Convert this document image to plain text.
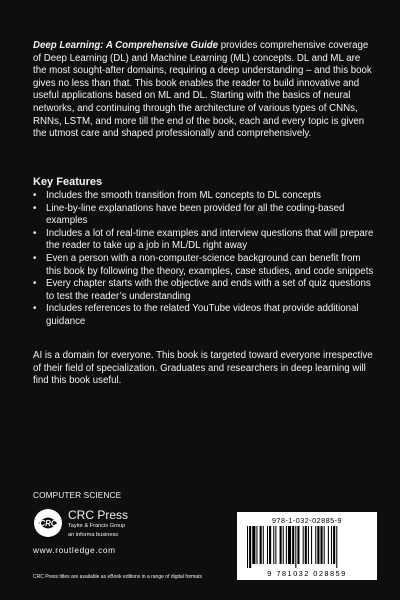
Deep Learning: A Comprehensive Guide provides comprehensive coverage of Deep Learning (DL) and Machine Learning (ML) concepts. DL and ML are the most sought-after domains, requiring a deep understanding – and this book gives no less than that. This book enables the reader to build innovative and useful applications based on ML and DL. Starting with the basics of neural networks, and continuing through the architecture of various types of CNNs, RNNs, LSTM, and more till the end of the book, each and every topic is given the utmost care and shaped professionally and comprehensively.

Key Features
• Includes the smooth transition from ML concepts to DL concepts
• Line-by-line explanations have been provided for all the coding-based examples
• Includes a lot of real-time examples and interview questions that will prepare the reader to take up a job in ML/DL right away
• Even a person with a non-computer-science background can benefit from this book by following the theory, examples, case studies, and code snippets
• Every chapter starts with the objective and ends with a set of quiz questions to test the reader’s understanding
• Includes references to the related YouTube videos that provide additional guidance

AI is a domain for everyone. This book is targeted toward everyone irrespective of their field of specialization. Graduates and researchers in deep learning will find this book useful.

COMPUTER SCIENCE
CRC
CRC Press
Taylor & Francis Group
an informa business
www.routledge.com
CRC Press titles are available as eBook editions in a range of digital formats
978-1-032-02885-9
9 781032 028859
